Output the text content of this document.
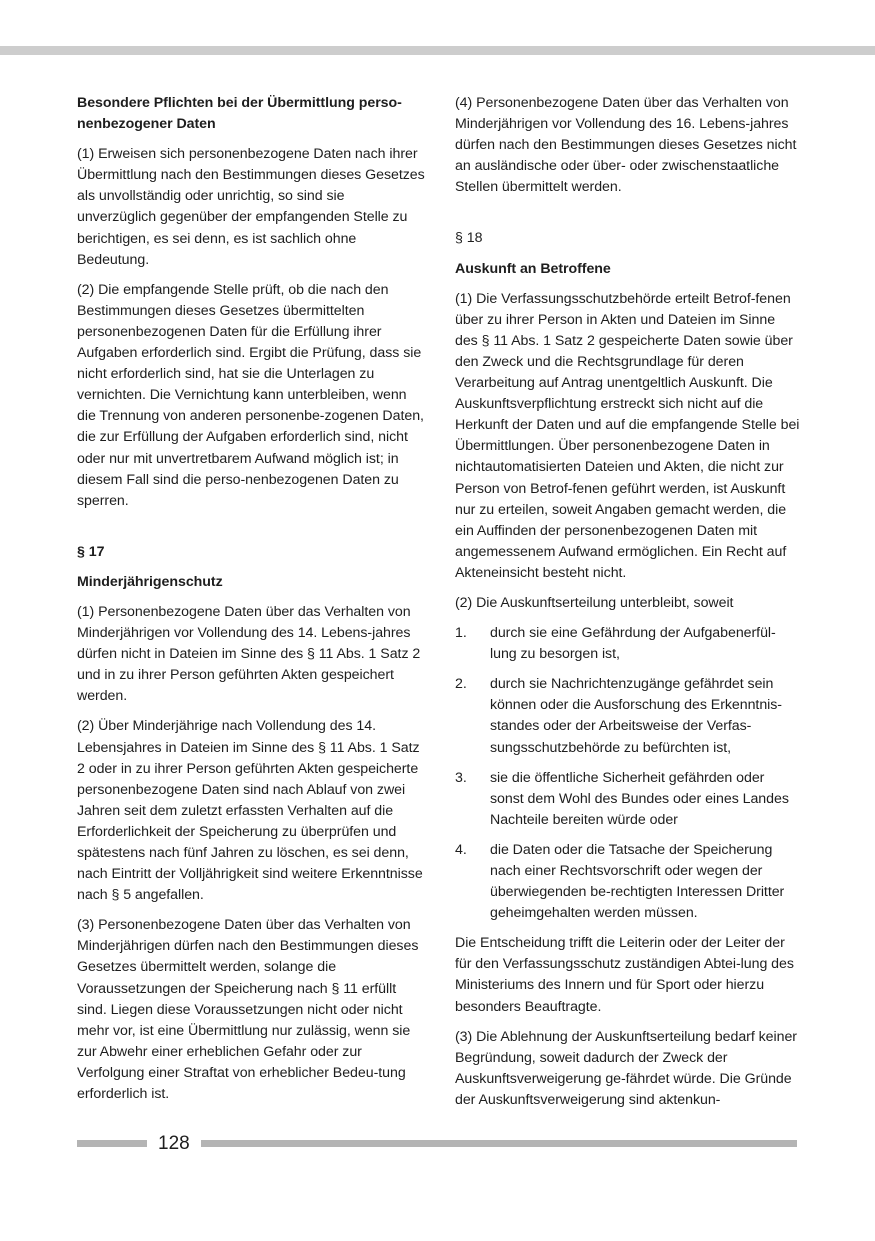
Besondere Pflichten bei der Übermittlung perso-nenbezogener Daten

(1) Erweisen sich personenbezogene Daten nach ihrer Übermittlung nach den Bestimmungen dieses Gesetzes als unvollständig oder unrichtig, so sind sie unverzüglich gegenüber der empfangenden Stelle zu berichtigen, es sei denn, es ist sachlich ohne Bedeutung.

(2) Die empfangende Stelle prüft, ob die nach den Bestimmungen dieses Gesetzes übermittelten personenbezogenen Daten für die Erfüllung ihrer Aufgaben erforderlich sind. Ergibt die Prüfung, dass sie nicht erforderlich sind, hat sie die Unterlagen zu vernichten. Die Vernichtung kann unterbleiben, wenn die Trennung von anderen personenbe-zogenen Daten, die zur Erfüllung der Aufgaben erforderlich sind, nicht oder nur mit unvertretbarem Aufwand möglich ist; in diesem Fall sind die perso-nenbezogenen Daten zu sperren.

§ 17

Minderjährigenschutz

(1) Personenbezogene Daten über das Verhalten von Minderjährigen vor Vollendung des 14. Lebens-jahres dürfen nicht in Dateien im Sinne des § 11 Abs. 1 Satz 2 und in zu ihrer Person geführten Akten gespeichert werden.

(2) Über Minderjährige nach Vollendung des 14. Lebensjahres in Dateien im Sinne des § 11 Abs. 1 Satz 2 oder in zu ihrer Person geführten Akten gespeicherte personenbezogene Daten sind nach Ablauf von zwei Jahren seit dem zuletzt erfassten Verhalten auf die Erforderlichkeit der Speicherung zu überprüfen und spätestens nach fünf Jahren zu löschen, es sei denn, nach Eintritt der Volljährigkeit sind weitere Erkenntnisse nach § 5 angefallen.

(3) Personenbezogene Daten über das Verhalten von Minderjährigen dürfen nach den Bestimmungen dieses Gesetzes übermittelt werden, solange die Voraussetzungen der Speicherung nach § 11 erfüllt sind. Liegen diese Voraussetzungen nicht oder nicht mehr vor, ist eine Übermittlung nur zulässig, wenn sie zur Abwehr einer erheblichen Gefahr oder zur Verfolgung einer Straftat von erheblicher Bedeu-tung erforderlich ist.

(4) Personenbezogene Daten über das Verhalten von Minderjährigen vor Vollendung des 16. Lebens-jahres dürfen nach den Bestimmungen dieses Gesetzes nicht an ausländische oder über- oder zwischenstaatliche Stellen übermittelt werden.

§ 18

Auskunft an Betroffene

(1) Die Verfassungsschutzbehörde erteilt Betrof-fenen über zu ihrer Person in Akten und Dateien im Sinne des § 11 Abs. 1 Satz 2 gespeicherte Daten sowie über den Zweck und die Rechtsgrundlage für deren Verarbeitung auf Antrag unentgeltlich Auskunft. Die Auskunftsverpflichtung erstreckt sich nicht auf die Herkunft der Daten und auf die empfangende Stelle bei Übermittlungen. Über personenbezogene Daten in nichtautomatisierten Dateien und Akten, die nicht zur Person von Betrof-fenen geführt werden, ist Auskunft nur zu erteilen, soweit Angaben gemacht werden, die ein Auffinden der personenbezogenen Daten mit angemessenem Aufwand ermöglichen. Ein Recht auf Akteneinsicht besteht nicht.

(2) Die Auskunftserteilung unterbleibt, soweit

1. durch sie eine Gefährdung der Aufgabenerfül-lung zu besorgen ist,
2. durch sie Nachrichtenzugänge gefährdet sein können oder die Ausforschung des Erkenntnis-standes oder der Arbeitsweise der Verfas-sungsschutzbehörde zu befürchten ist,
3. sie die öffentliche Sicherheit gefährden oder sonst dem Wohl des Bundes oder eines Landes Nachteile bereiten würde oder
4. die Daten oder die Tatsache der Speicherung nach einer Rechtsvorschrift oder wegen der überwiegenden be-rechtigten Interessen Dritter geheimgehalten werden müssen.

Die Entscheidung trifft die Leiterin oder der Leiter der für den Verfassungsschutz zuständigen Abtei-lung des Ministeriums des Innern und für Sport oder hierzu besonders Beauftragte.

(3) Die Ablehnung der Auskunftserteilung bedarf keiner Begründung, soweit dadurch der Zweck der Auskunftsverweigerung ge-fährdet würde. Die Gründe der Auskunftsverweigerung sind aktenkun-

128
